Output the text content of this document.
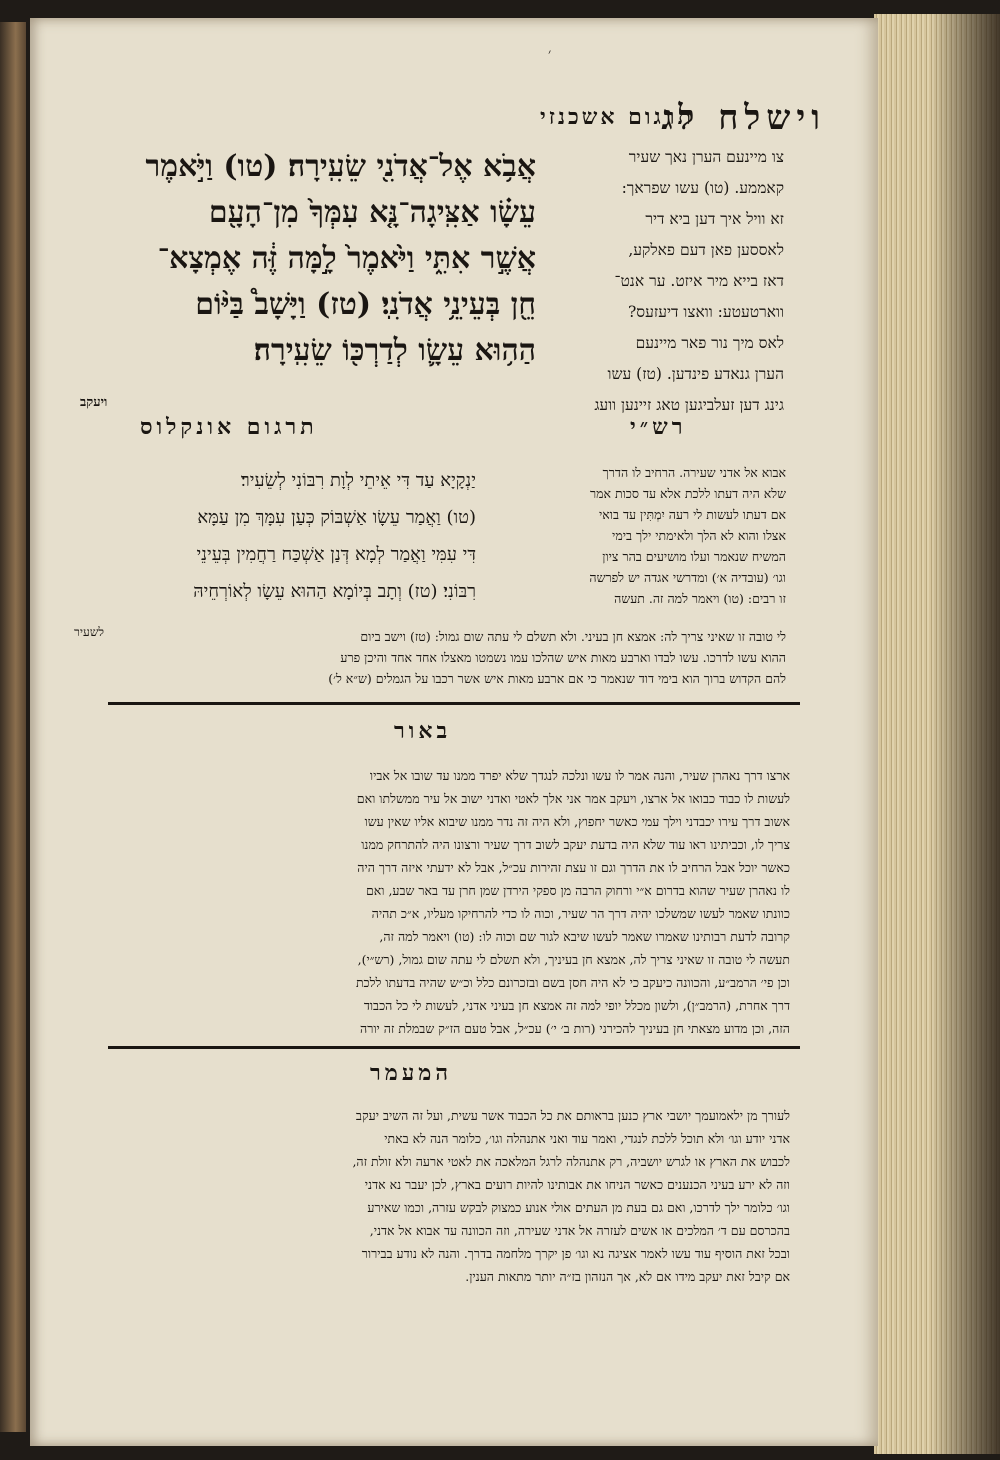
׳
וישלח לג
תרגום אשכנזי
אֲבֹ֥א אֶל־אֲדֹנִ֖י שֵׂעִֽירָה׃ (טו) וַיֹּ֣אמֶר
עֵשָׂ֗ו אַצִּֽיגָה־נָּ֤א עִמְּךָ֙ מִן־הָעָ֖ם
אֲשֶׁ֣ר אִתִּ֑י וַיֹּ֙אמֶר֙ לָ֣מָּה זֶּ֔ה אֶמְצָא־
חֵ֖ן בְּעֵינֵ֥י אֲדֹנִֽי׃ (טז) וַיָּשָׁב֩ בַּיּ֨וֹם
הַה֥וּא עֵשָׂ֛ו לְדַרְכּ֖וֹ שֵׂעִֽירָה׃
ויעקב
צו מיינעם הערן נאך שעיר
קאממע. (טו) עשו שפראך:
זא וויל איך דען ביא דיר
לאססען פאן דעם פאלקע,
דאז בייא מיר איזט. ער אנט־
ווארטעטע: וואצו דיעזעס?
לאס מיך נור פאר מיינעם
הערן גנאדע פינדען. (טז) עשו
גינג דען זעלביגען טאג זיינען וועג
תרגום אונקלוס	רש״י
יַנְקָיָא עַד דִּי אֵיתֵי לְוָת רִבּוֹנִי לְשֵׂעִיר׃
(טו) וַאֲמַר עֵשָׂו אַשְׁבּוֹק כְּעַן עִמָּךְ מִן עַמָּא
דִּי עִמִּי וַאֲמַר לְמָא דְּנַן אַשְׁכַּח רַחֲמִין בְּעֵינֵי
רִבּוֹנִי׃ (טז) וְתָב בְּיוֹמָא הַהוּא עֵשָׂו לְאוֹרְחֵיהּ
לשעיר
אבוא אל אדני שעירה. הרחיב לו הדרך
שלא היה דעתו ללכת אלא עד סכות אמר
אם דעתו לעשות לי רעה יִמְתִּין עד בואי
אצלו והוא לא הלך ולאימתי ילך בימי
המשיח שנאמר ועלו מושיעים בהר ציון
וגו׳ (עובדיה א׳) ומדרשי אגדה יש לפרשה
זו רבים: (טו) ויאמר למה זה. תעשה
לי טובה זו שאיני צריך לה: אמצא חן בעיני. ולא תשלם לי עתה שום גמול: (טז) וישב ביום
ההוא עשו לדרכו. עשו לבדו וארבע מאות איש שהלכו עמו נשמטו מאצלו אחד אחד והיכן פרע
להם הקדוש ברוך הוא בימי דוד שנאמר כי אם ארבע מאות איש אשר רכבו על הגמלים (ש״א ל׳)
באור
ארצו דרך נאהרן שעיר, והנה אמר לו עשו ונלכה לנגדך שלא יפרד ממנו עד שובו אל אביו
לעשות לו כבוד כבואו אל ארצו, ויעקב אמר אני אלך לאטי ואדני ישוב אל עיר ממשלתו ואם
אשוב דרך עירו יכבדני וילך עמי כאשר יחפוץ, ולא היה זה נדר ממנו שיבוא אליו שאין עשו
צריך לו, וכביתינו ראו עוד שלא היה בדעת יעקב לשוב דרך שעיר ורצונו היה להתרחק ממנו
כאשר יוכל אבל הרחיב לו את הדרך וגם זו עצת זהירות עכ״ל, אבל לא ידעתי איזה דרך היה
לו נאהרן שעיר שהוא בדרום א״י ורחוק הרבה מן ספקי הירדן שמן חרן עד באר שבע, ואם
כוונתו שאמר לעשו שמשלכו יהיה דרך הר שעיר, וכוה לו כדי להרחיקו מעליו, א״כ תהיה
קרובה לדעת רבותינו שאמרו שאמר לעשו שיבא לגור שם וכוה לו: (טו) ויאמר למה זה,
תעשה לי טובה זו שאיני צריך לה, אמצא חן בעיניך, ולא תשלם לי עתה שום גמול, (רש״י),
וכן פי׳ הרמב״ע, והכוונה כיעקב כי לא היה חסן בשם ובזכרונם כלל וכ״ש שהיה בדעתו ללכת
דרך אחרת, (הרמב״ן), ולשון מכלל יופי למה זה אמצא חן בעיני אדני, לעשות לי כל הכבוד
הזה, וכן מדוע מצאתי חן בעיניך להכירני (רות ב׳ י׳) עכ״ל, אבל טעם הז״ק שבמלת זה יורה
המעמר
לעורך מן ילאמועמך יושבי ארץ כנען בראותם את כל הכבוד אשר עשית, ועל זה השיב יעקב
אדני יודע וגו׳ ולא תוכל ללכת לנגדי, ואמר עוד ואני אתנהלה וגו׳, כלומר הנה לא באתי
לכבוש את הארץ או לגרש יושביה, רק אתנהלה לרגל המלאכה את לאטי ארעה ולא זולת זה,
וזה לא ירע בעיני הכנענים כאשר הניחו את אבותינו להיות רועים בארץ, לכן יעבר נא אדני
וגו׳ כלומר ילך לדרכו, ואם גם בעת מן העתים אולי אנוע כמצוק לבקש עזרה, וכמו שאירע
בהכרסם עם ד׳ המלכים או אשים לעזרה אל אדני שעירה, וזה הכוונה עד אבוא אל אדני,
ובכל זאת הוסיף עוד עשו לאמר אציגה נא וגו׳ פן יקרך מלחמה בדרך. והנה לא נודע בבירור
אם קיבל זאת יעקב מידו אם לא, אך הנזהון בז״ה יותר מתאות הענין.
